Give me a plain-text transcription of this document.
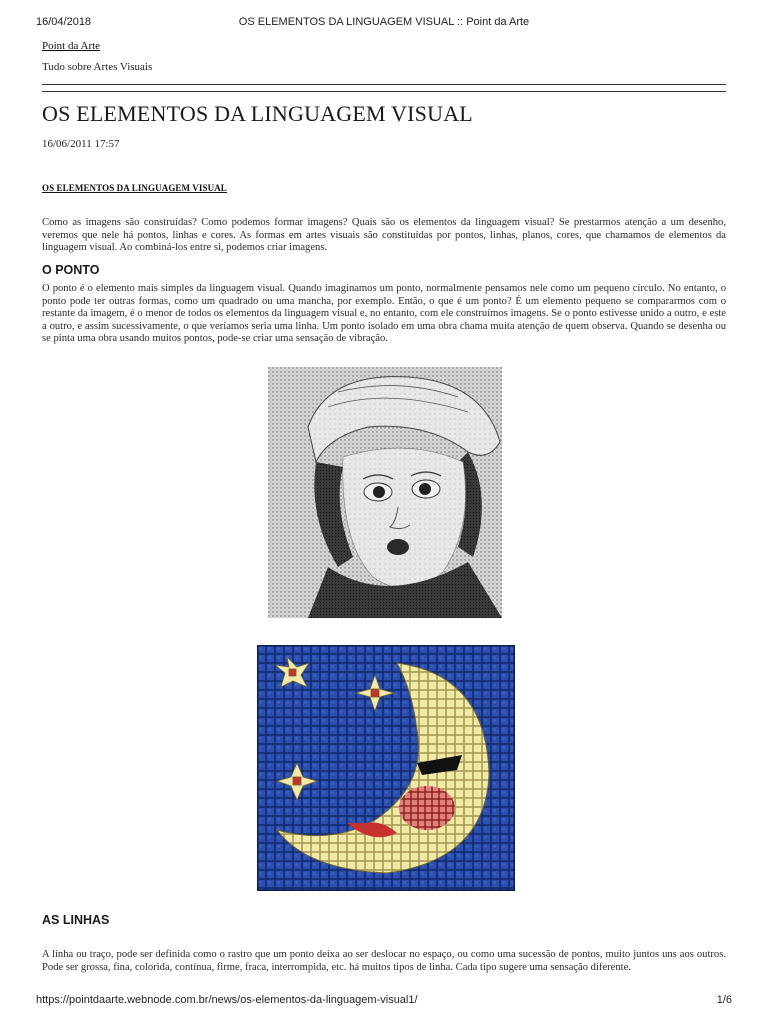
16/04/2018	OS ELEMENTOS DA LINGUAGEM VISUAL :: Point da Arte
Point da Arte
Tudo sobre Artes Visuais
OS ELEMENTOS DA LINGUAGEM VISUAL
16/06/2011 17:57
OS ELEMENTOS DA LINGUAGEM VISUAL

Como as imagens são construídas? Como podemos formar imagens? Quais são os elementos da linguagem visual? Se prestarmos atenção a um desenho, veremos que nele há pontos, linhas e cores. As formas em artes visuais são constituídas por pontos, linhas, planos, cores, que chamamos de elementos da linguagem visual. Ao combiná-los entre si, podemos criar imagens.

O PONTO

O ponto é o elemento mais simples da linguagem visual. Quando imaginamos um ponto, normalmente pensamos nele como um pequeno círculo. No entanto, o ponto pode ter outras formas, como um quadrado ou uma mancha, por exemplo. Então, o que é um ponto? É um elemento pequeno se compararmos com o restante da imagem, é o menor de todos os elementos da linguagem visual e, no entanto, com ele construímos imagens. Se o ponto estivesse unido a outro, e este a outro, e assim sucessivamente, o que veríamos seria uma linha. Um ponto isolado em uma obra chama muita atenção de quem observa. Quando se desenha ou se pinta uma obra usando muitos pontos, pode-se criar uma sensação de vibração.

AS LINHAS

A linha ou traço, pode ser definida como o rastro que um ponto deixa ao ser deslocar no espaço, ou como uma sucessão de pontos, muito juntos uns aos outros. Pode ser grossa, fina, colorida, contínua, firme, fraca, interrompida, etc. há muitos tipos de linha. Cada tipo sugere uma sensação diferente.

https://pointdaarte.webnode.com.br/news/os-elementos-da-linguagem-visual1/	1/6
